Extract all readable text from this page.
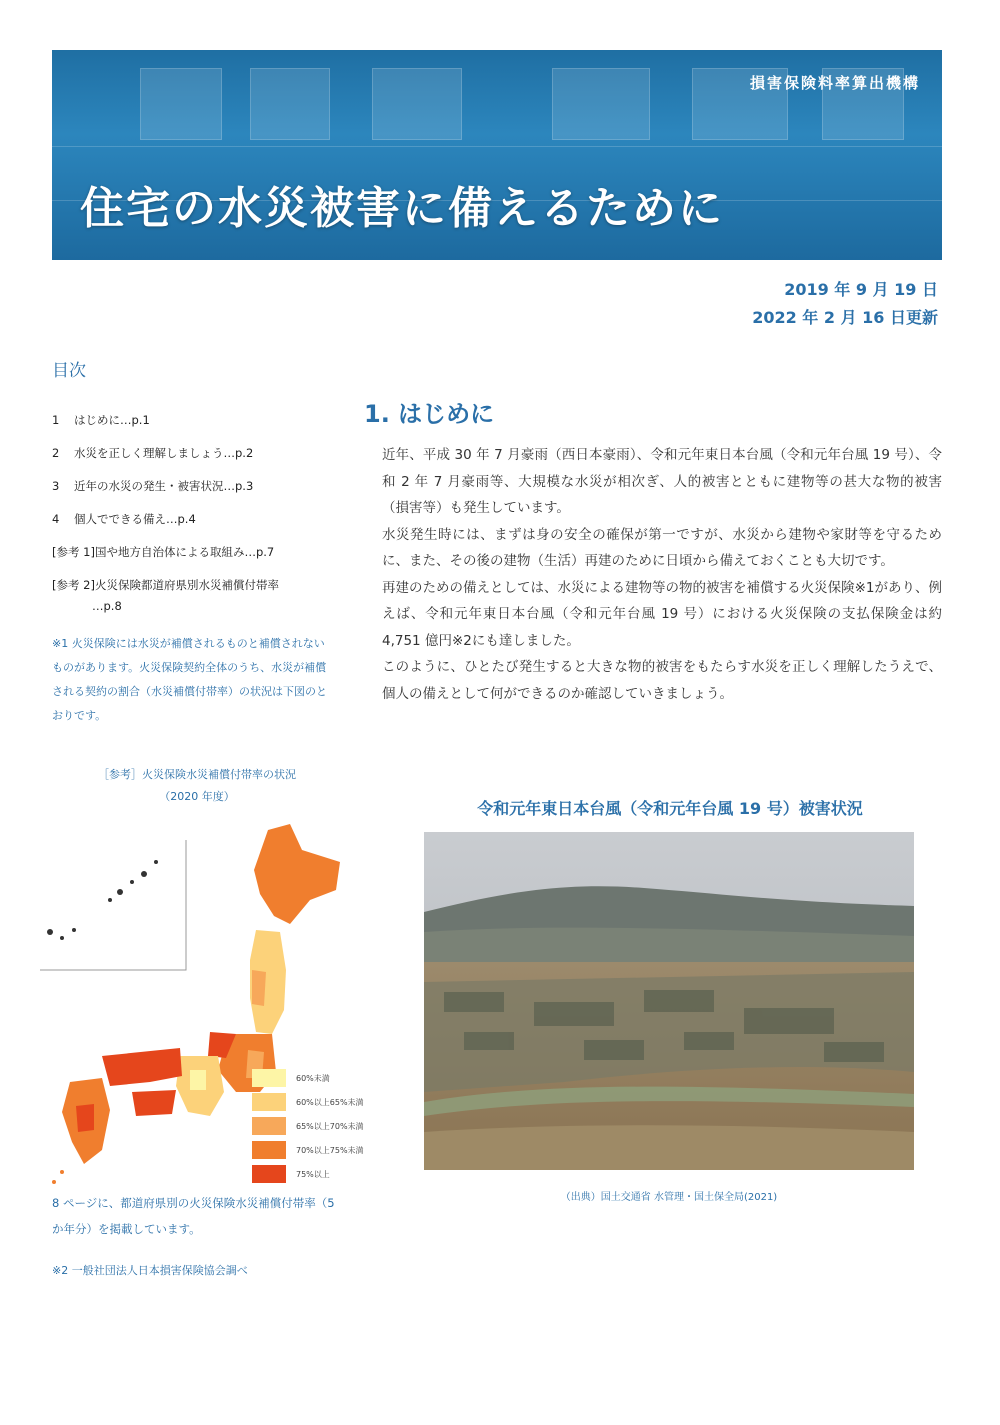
損害保険料率算出機構
住宅の水災被害に備えるために
2019 年 9 月 19 日
2022 年 2 月 16 日更新
目次
1 はじめに…p.1
2 水災を正しく理解しましょう…p.2
3 近年の水災の発生・被害状況…p.3
4 個人でできる備え…p.4
[参考 1]国や地方自治体による取組み…p.7
[参考 2]火災保険都道府県別水災補償付帯率
…p.8
※1 火災保険には水災が補償されるものと補償されないものがあります。火災保険契約全体のうち、水災が補償される契約の割合（水災補償付帯率）の状況は下図のとおりです。
［参考］火災保険水災補償付帯率の状況
（2020 年度）
60%未満
60%以上65%未満
65%以上70%未満
70%以上75%未満
75%以上
8 ページに、都道府県別の火災保険水災補償付帯率（5 か年分）を掲載しています。
※2 一般社団法人日本損害保険協会調べ
1. はじめに

近年、平成 30 年 7 月豪雨（西日本豪雨）、令和元年東日本台風（令和元年台風 19 号）、令和 2 年 7 月豪雨等、大規模な水災が相次ぎ、人的被害とともに建物等の甚大な物的被害（損害等）も発生しています。

水災発生時には、まずは身の安全の確保が第一ですが、水災から建物や家財等を守るために、また、その後の建物（生活）再建のために日頃から備えておくことも大切です。

再建のための備えとしては、水災による建物等の物的被害を補償する火災保険※1があり、例えば、令和元年東日本台風（令和元年台風 19 号）における火災保険の支払保険金は約 4,751 億円※2にも達しました。

このように、ひとたび発生すると大きな物的被害をもたらす水災を正しく理解したうえで、個人の備えとして何ができるのか確認していきましょう。

令和元年東日本台風（令和元年台風 19 号）被害状況
（出典）国土交通省 水管理・国土保全局(2021)
